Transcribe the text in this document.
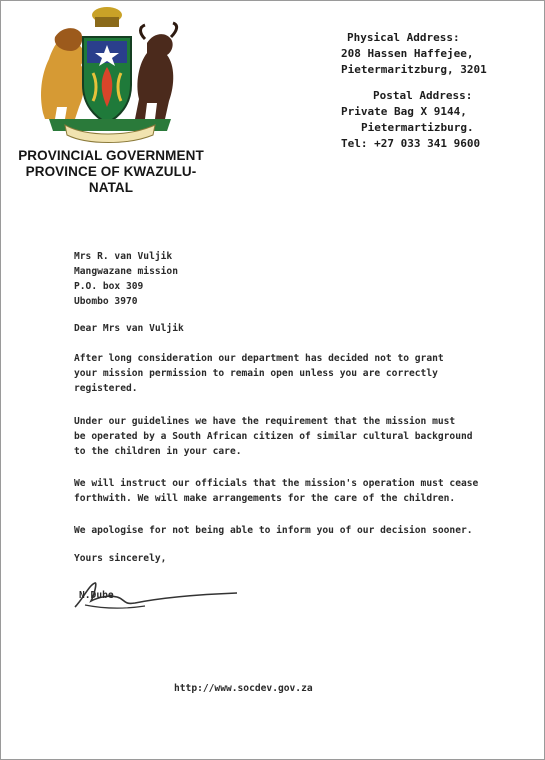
PROVINCIAL GOVERNMENT
PROVINCE OF KWAZULU-NATAL
Physical Address:
208 Hassen Haffejee,
Pietermaritzburg, 3201
Postal Address:
Private Bag X 9144,
Pietermartizburg.
Tel: +27 033 341 9600
Mrs R. van Vuljik
Mangwazane mission
P.O. box 309
Ubombo 3970

Dear Mrs van Vuljik

After long consideration our department has decided not to grant
your mission permission to remain open unless you are correctly
registered.

Under our guidelines we have the requirement that the mission must
be operated by a South African citizen of similar cultural background
to the children in your care.

We will instruct our officials that the mission's operation must cease
forthwith. We will make arrangements for the care of the children.

We apologise for not being able to inform you of our decision sooner.

Yours sincerely,

N.Dube
http://www.socdev.gov.za
